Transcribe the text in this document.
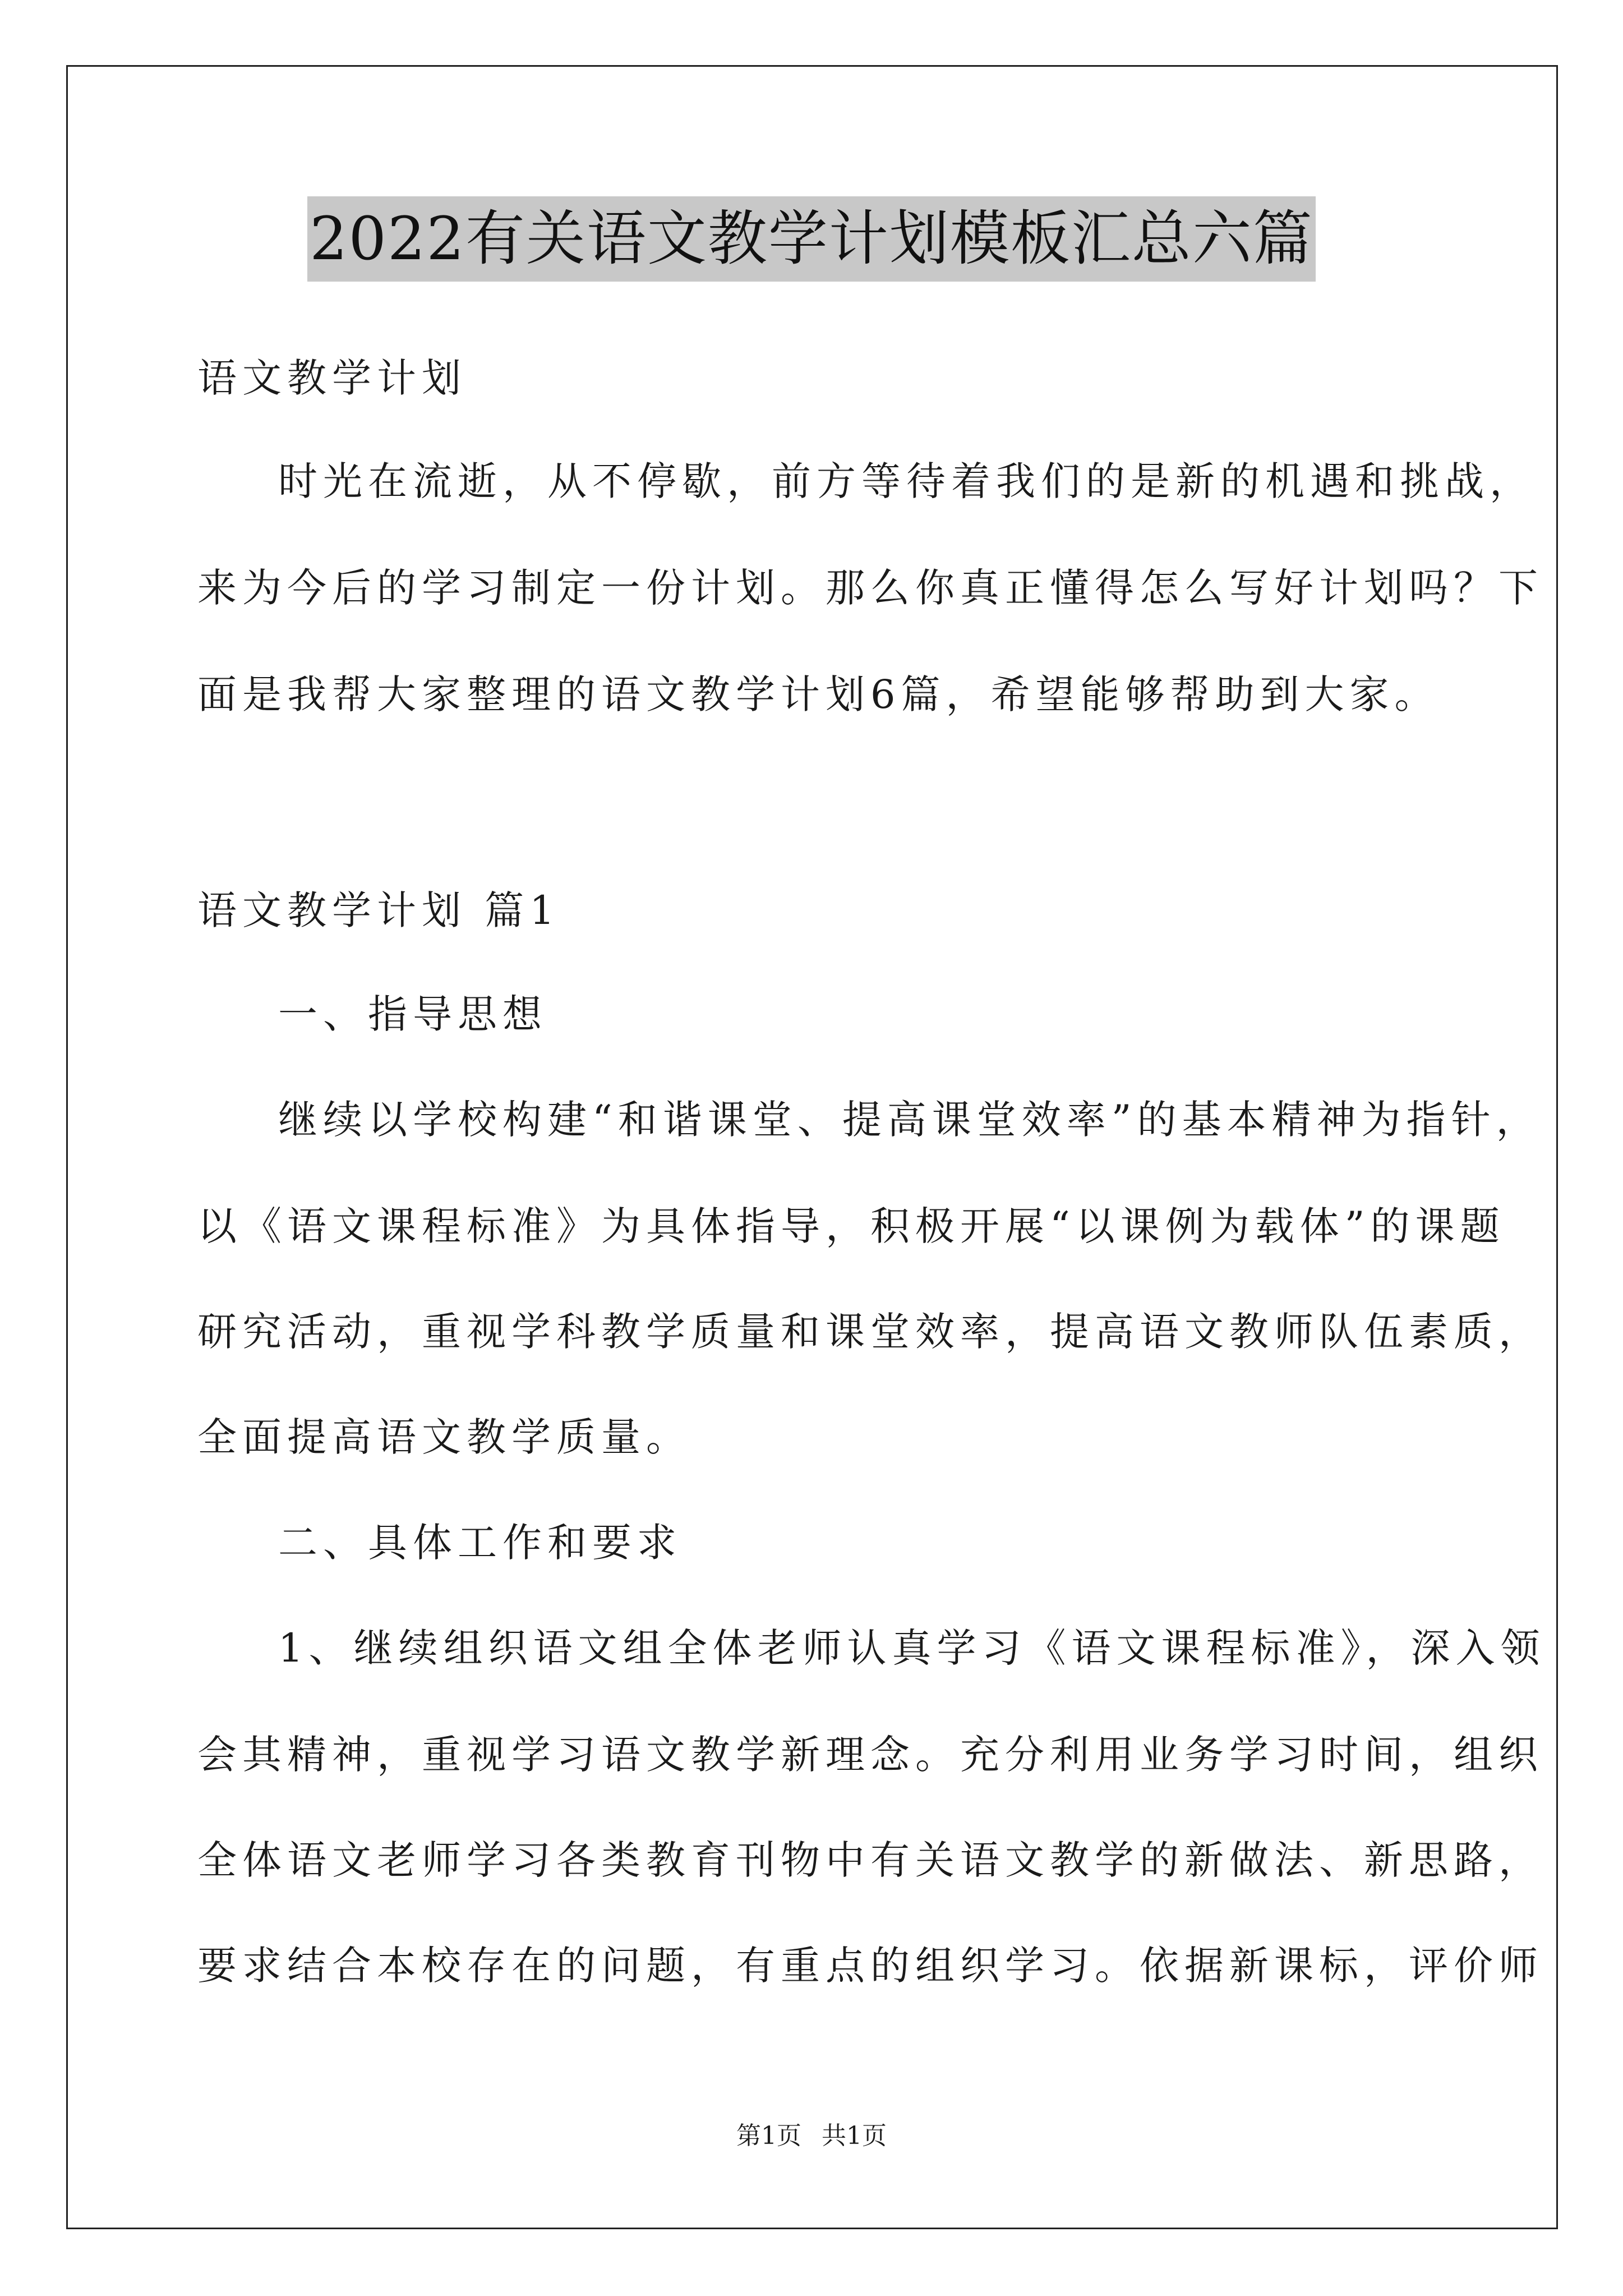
2022有关语文教学计划模板汇总六篇
语文教学计划
时光在流逝，从不停歇，前方等待着我们的是新的机遇和挑战，
来为今后的学习制定一份计划。那么你真正懂得怎么写好计划吗？下
面是我帮大家整理的语文教学计划6篇，希望能够帮助到大家。
语文教学计划 篇1
一、指导思想
继续以学校构建“和谐课堂、提高课堂效率”的基本精神为指针，
以《语文课程标准》为具体指导，积极开展“以课例为载体”的课题
研究活动，重视学科教学质量和课堂效率，提高语文教师队伍素质，
全面提高语文教学质量。
二、具体工作和要求
1、继续组织语文组全体老师认真学习《语文课程标准》，深入领
会其精神，重视学习语文教学新理念。充分利用业务学习时间，组织
全体语文老师学习各类教育刊物中有关语文教学的新做法、新思路，
要求结合本校存在的问题，有重点的组织学习。依据新课标，评价师
第1页 共1页
